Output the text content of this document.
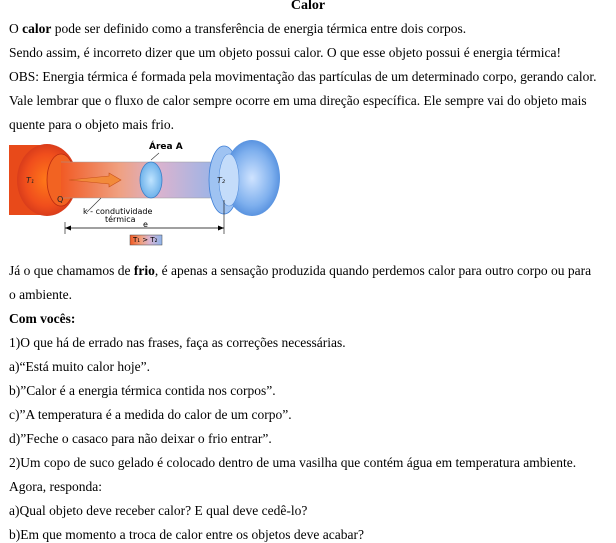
Calor
O calor pode ser definido como a transferência de energia térmica entre dois corpos.
Sendo assim, é incorreto dizer que um objeto possui calor. O que esse objeto possui é energia térmica!
OBS: Energia térmica é formada pela movimentação das partículas de um determinado corpo, gerando calor.
Vale lembrar que o fluxo de calor sempre ocorre em uma direção específica. Ele sempre vai do objeto mais
quente para o objeto mais frio.
Área A
T₁	T₂
Q
k - condutividade
térmica
e
T₁ > T₂
Já o que chamamos de frio, é apenas a sensação produzida quando perdemos calor para outro corpo ou para
o ambiente.
Com vocês:
1)O que há de errado nas frases, faça as correções necessárias.
a)“Está muito calor hoje”.
b)”Calor é a energia térmica contida nos corpos”.
c)”A temperatura é a medida do calor de um corpo”.
d)”Feche o casaco para não deixar o frio entrar”.
2)Um copo de suco gelado é colocado dentro de uma vasilha que contém água em temperatura ambiente.
Agora, responda:
a)Qual objeto deve receber calor? E qual deve cedê-lo?
b)Em que momento a troca de calor entre os objetos deve acabar?
